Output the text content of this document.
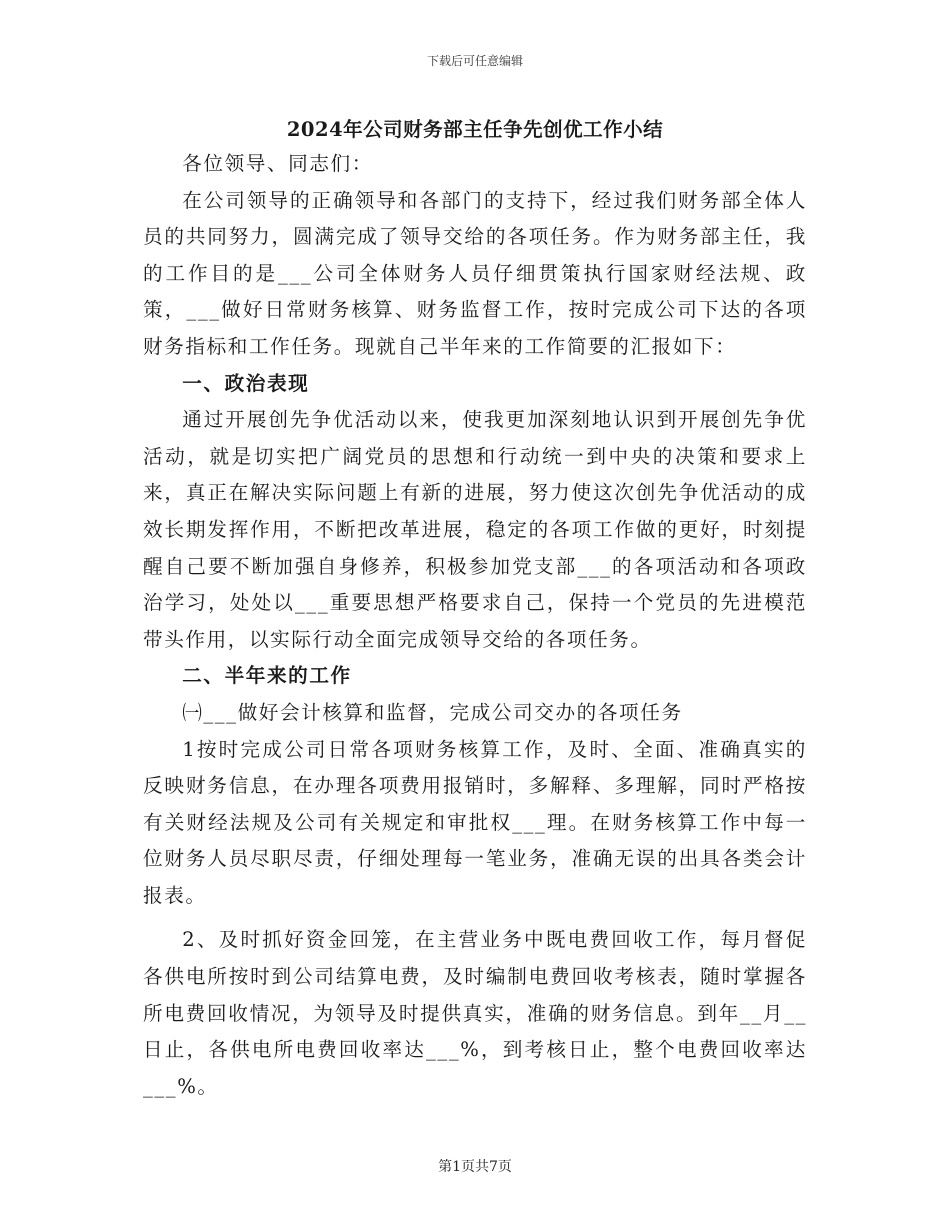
下载后可任意编辑
2024年公司财务部主任争先创优工作小结

各位领导、同志们：

在公司领导的正确领导和各部门的支持下，经过我们财务部全体人员的共同努力，圆满完成了领导交给的各项任务。作为财务部主任，我的工作目的是___公司全体财务人员仔细贯策执行国家财经法规、政策，___做好日常财务核算、财务监督工作，按时完成公司下达的各项财务指标和工作任务。现就自己半年来的工作简要的汇报如下：

一、政治表现

通过开展创先争优活动以来，使我更加深刻地认识到开展创先争优活动，就是切实把广阔党员的思想和行动统一到中央的决策和要求上来，真正在解决实际问题上有新的进展，努力使这次创先争优活动的成效长期发挥作用，不断把改革进展，稳定的各项工作做的更好，时刻提醒自己要不断加强自身修养，积极参加党支部___的各项活动和各项政治学习，处处以___重要思想严格要求自己，保持一个党员的先进模范带头作用，以实际行动全面完成领导交给的各项任务。

二、半年来的工作

㈠___做好会计核算和监督，完成公司交办的各项任务

1按时完成公司日常各项财务核算工作，及时、全面、准确真实的反映财务信息，在办理各项费用报销时，多解释、多理解，同时严格按有关财经法规及公司有关规定和审批权___理。在财务核算工作中每一位财务人员尽职尽责，仔细处理每一笔业务，准确无误的出具各类会计报表。

2、及时抓好资金回笼，在主营业务中既电费回收工作，每月督促各供电所按时到公司结算电费，及时编制电费回收考核表，随时掌握各所电费回收情况，为领导及时提供真实，准确的财务信息。到年__月__日止，各供电所电费回收率达___%，到考核日止，整个电费回收率达___%。

第1页共7页
